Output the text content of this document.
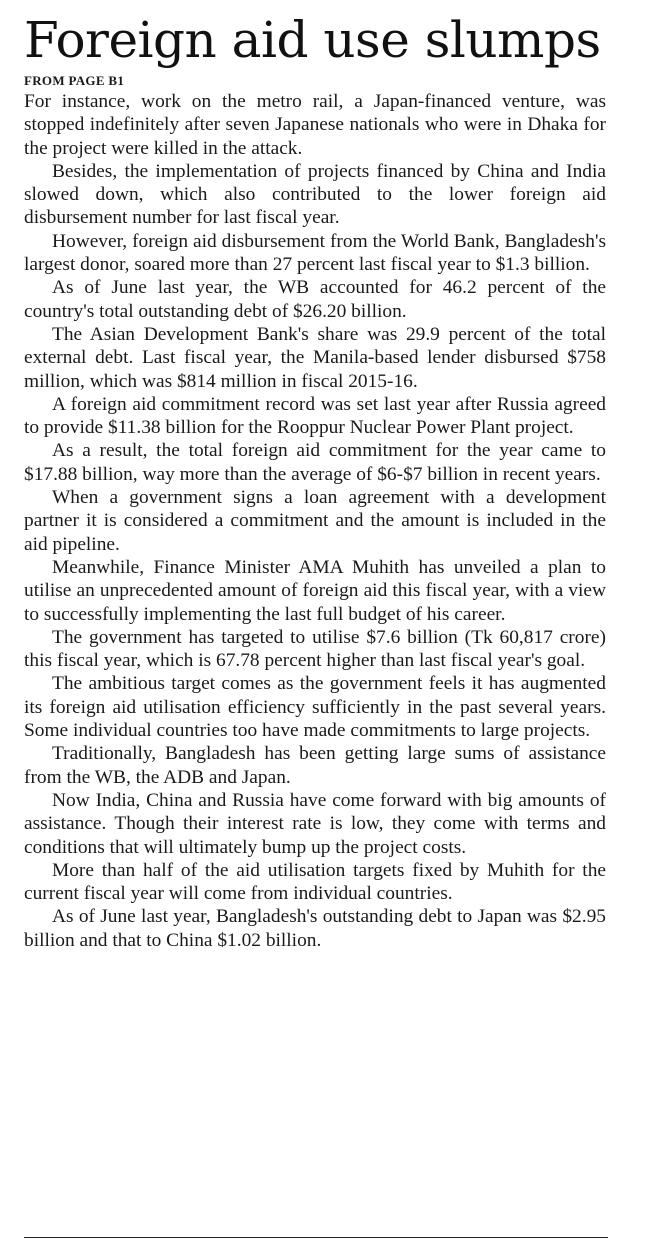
Foreign aid use slumps
FROM PAGE B1

For instance, work on the metro rail, a Japan-financed venture, was stopped indefinitely after seven Japanese nationals who were in Dhaka for the project were killed in the attack.

Besides, the implementation of projects financed by China and India slowed down, which also contributed to the lower foreign aid disbursement number for last fiscal year.

However, foreign aid disbursement from the World Bank, Bangladesh's largest donor, soared more than 27 percent last fiscal year to $1.3 billion.

As of June last year, the WB accounted for 46.2 percent of the country's total outstanding debt of $26.20 billion.

The Asian Development Bank's share was 29.9 percent of the total external debt. Last fiscal year, the Manila-based lender disbursed $758 million, which was $814 million in fiscal 2015-16.

A foreign aid commitment record was set last year after Russia agreed to provide $11.38 billion for the Rooppur Nuclear Power Plant project.

As a result, the total foreign aid commitment for the year came to $17.88 billion, way more than the average of $6-$7 billion in recent years.

When a government signs a loan agreement with a development partner it is considered a commitment and the amount is included in the aid pipeline.

Meanwhile, Finance Minister AMA Muhith has unveiled a plan to utilise an unprecedented amount of foreign aid this fiscal year, with a view to successfully implementing the last full budget of his career.

The government has targeted to utilise $7.6 billion (Tk 60,817 crore) this fiscal year, which is 67.78 percent higher than last fiscal year's goal.

The ambitious target comes as the government feels it has augmented its foreign aid utilisation efficiency sufficiently in the past several years. Some individual countries too have made commitments to large projects.

Traditionally, Bangladesh has been getting large sums of assistance from the WB, the ADB and Japan.

Now India, China and Russia have come forward with big amounts of assistance. Though their interest rate is low, they come with terms and conditions that will ultimately bump up the project costs.

More than half of the aid utilisation targets fixed by Muhith for the current fiscal year will come from individual countries.

As of June last year, Bangladesh's outstanding debt to Japan was $2.95 billion and that to China $1.02 billion.
